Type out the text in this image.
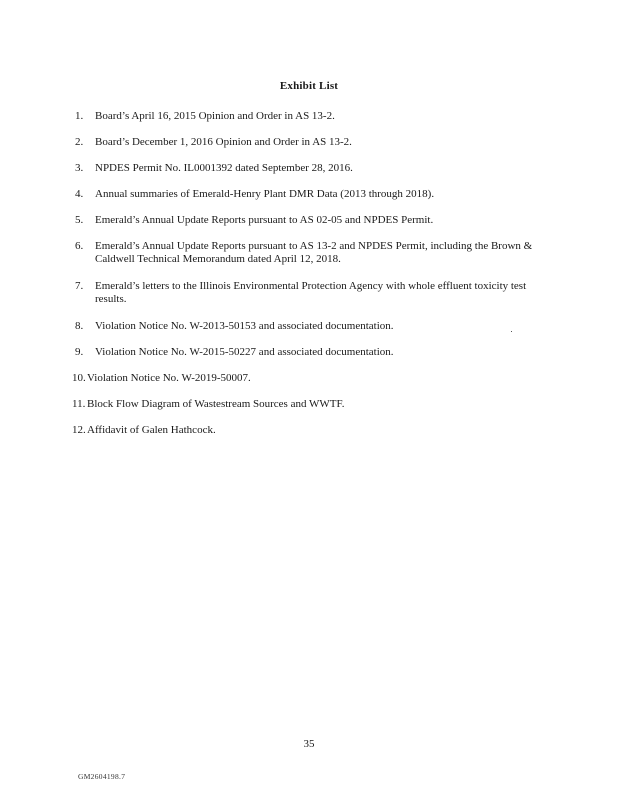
Exhibit List
1.	Board’s April 16, 2015 Opinion and Order in AS 13-2.
2.	Board’s December 1, 2016 Opinion and Order in AS 13-2.
3.	NPDES Permit No. IL0001392 dated September 28, 2016.
4.	Annual summaries of Emerald-Henry Plant DMR Data (2013 through 2018).
5.	Emerald’s Annual Update Reports pursuant to AS 02-05 and NPDES Permit.
6.	Emerald’s Annual Update Reports pursuant to AS 13-2 and NPDES Permit, including the Brown & Caldwell Technical Memorandum dated April 12, 2018.
7.	Emerald’s letters to the Illinois Environmental Protection Agency with whole effluent toxicity test results.
8.	Violation Notice No. W-2013-50153 and associated documentation.
9.	Violation Notice No. W-2015-50227 and associated documentation.
10. Violation Notice No. W-2019-50007.
11. Block Flow Diagram of Wastestream Sources and WWTF.
12. Affidavit of Galen Hathcock.
35
GM2604198.7
